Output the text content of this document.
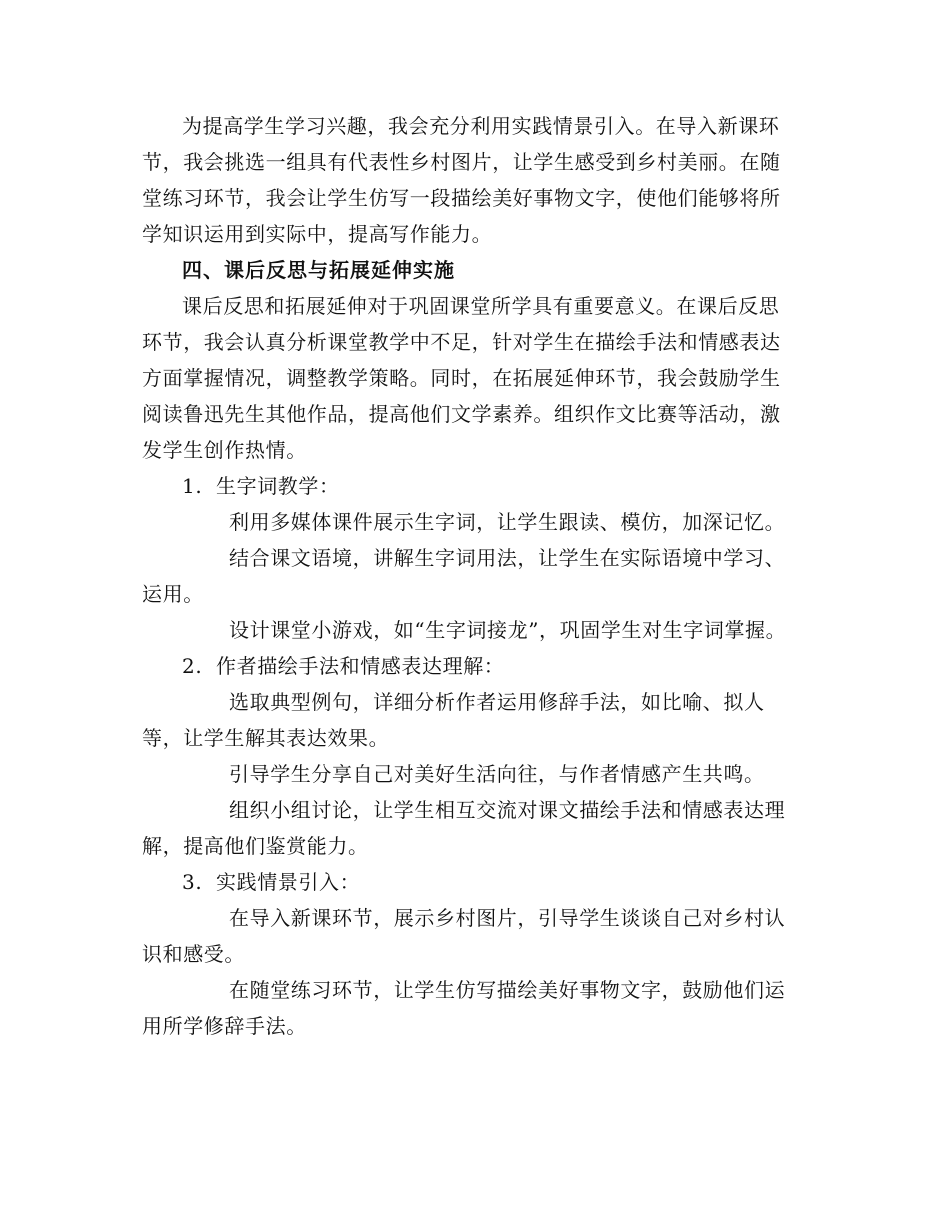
为提高学生学习兴趣，我会充分利用实践情景引入。在导入新课环节，我会挑选一组具有代表性乡村图片，让学生感受到乡村美丽。在随堂练习环节，我会让学生仿写一段描绘美好事物文字，使他们能够将所学知识运用到实际中，提高写作能力。

四、课后反思与拓展延伸实施

课后反思和拓展延伸对于巩固课堂所学具有重要意义。在课后反思环节，我会认真分析课堂教学中不足，针对学生在描绘手法和情感表达方面掌握情况，调整教学策略。同时，在拓展延伸环节，我会鼓励学生阅读鲁迅先生其他作品，提高他们文学素养。组织作文比赛等活动，激发学生创作热情。

1. 生字词教学：

利用多媒体课件展示生字词，让学生跟读、模仿，加深记忆。

结合课文语境，讲解生字词用法，让学生在实际语境中学习、运用。

设计课堂小游戏，如“生字词接龙”，巩固学生对生字词掌握。

2. 作者描绘手法和情感表达理解：

选取典型例句，详细分析作者运用修辞手法，如比喻、拟人等，让学生解其表达效果。

引导学生分享自己对美好生活向往，与作者情感产生共鸣。

组织小组讨论，让学生相互交流对课文描绘手法和情感表达理解，提高他们鉴赏能力。

3. 实践情景引入：

在导入新课环节，展示乡村图片，引导学生谈谈自己对乡村认识和感受。

在随堂练习环节，让学生仿写描绘美好事物文字，鼓励他们运用所学修辞手法。
